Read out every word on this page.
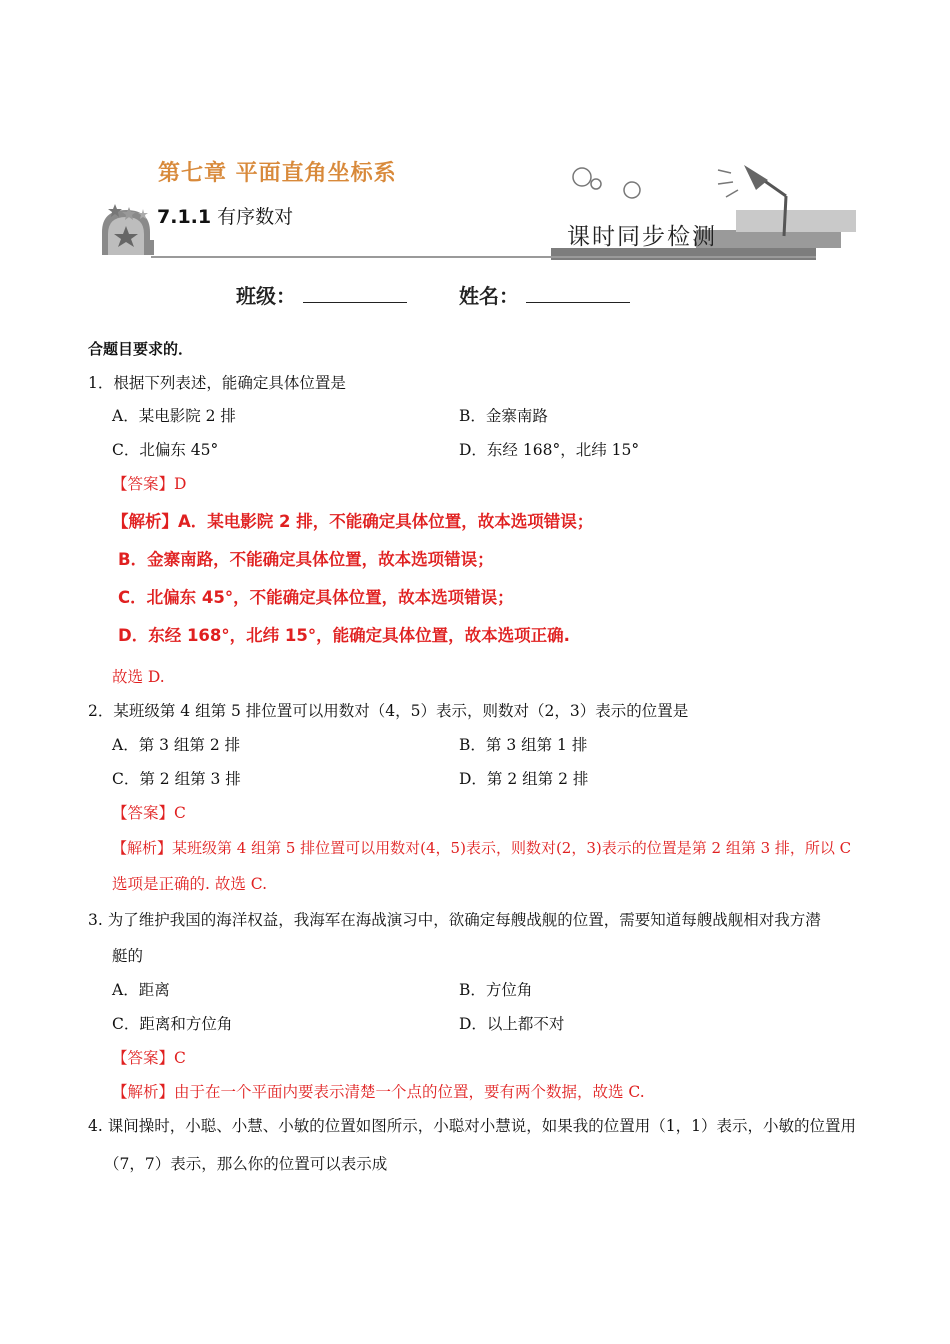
第七章 平面直角坐标系
7.1.1 有序数对
课时同步检测
班级：	姓名：
合题目要求的．
1．根据下列表述，能确定具体位置是
A．某电影院 2 排	B．金寨南路
C．北偏东 45°	D．东经 168°，北纬 15°
【答案】D
【解析】A．某电影院 2 排，不能确定具体位置，故本选项错误；
B．金寨南路，不能确定具体位置，故本选项错误；
C．北偏东 45°，不能确定具体位置，故本选项错误；
D．东经 168°，北纬 15°，能确定具体位置，故本选项正确.
故选 D.
2．某班级第 4 组第 5 排位置可以用数对（4，5）表示，则数对（2，3）表示的位置是
A．第 3 组第 2 排	B．第 3 组第 1 排
C．第 2 组第 3 排	D．第 2 组第 2 排
【答案】C
【解析】某班级第 4 组第 5 排位置可以用数对(4，5)表示，则数对(2，3)表示的位置是第 2 组第 3 排，所以 C
选项是正确的. 故选 C.
3. 为了维护我国的海洋权益，我海军在海战演习中，欲确定每艘战舰的位置，需要知道每艘战舰相对我方潜
艇的
A．距离	B．方位角
C．距离和方位角	D．以上都不对
【答案】C
【解析】由于在一个平面内要表示清楚一个点的位置，要有两个数据，故选 C.
4. 课间操时，小聪、小慧、小敏的位置如图所示，小聪对小慧说，如果我的位置用（1，1）表示，小敏的位置用
（7，7）表示，那么你的位置可以表示成
